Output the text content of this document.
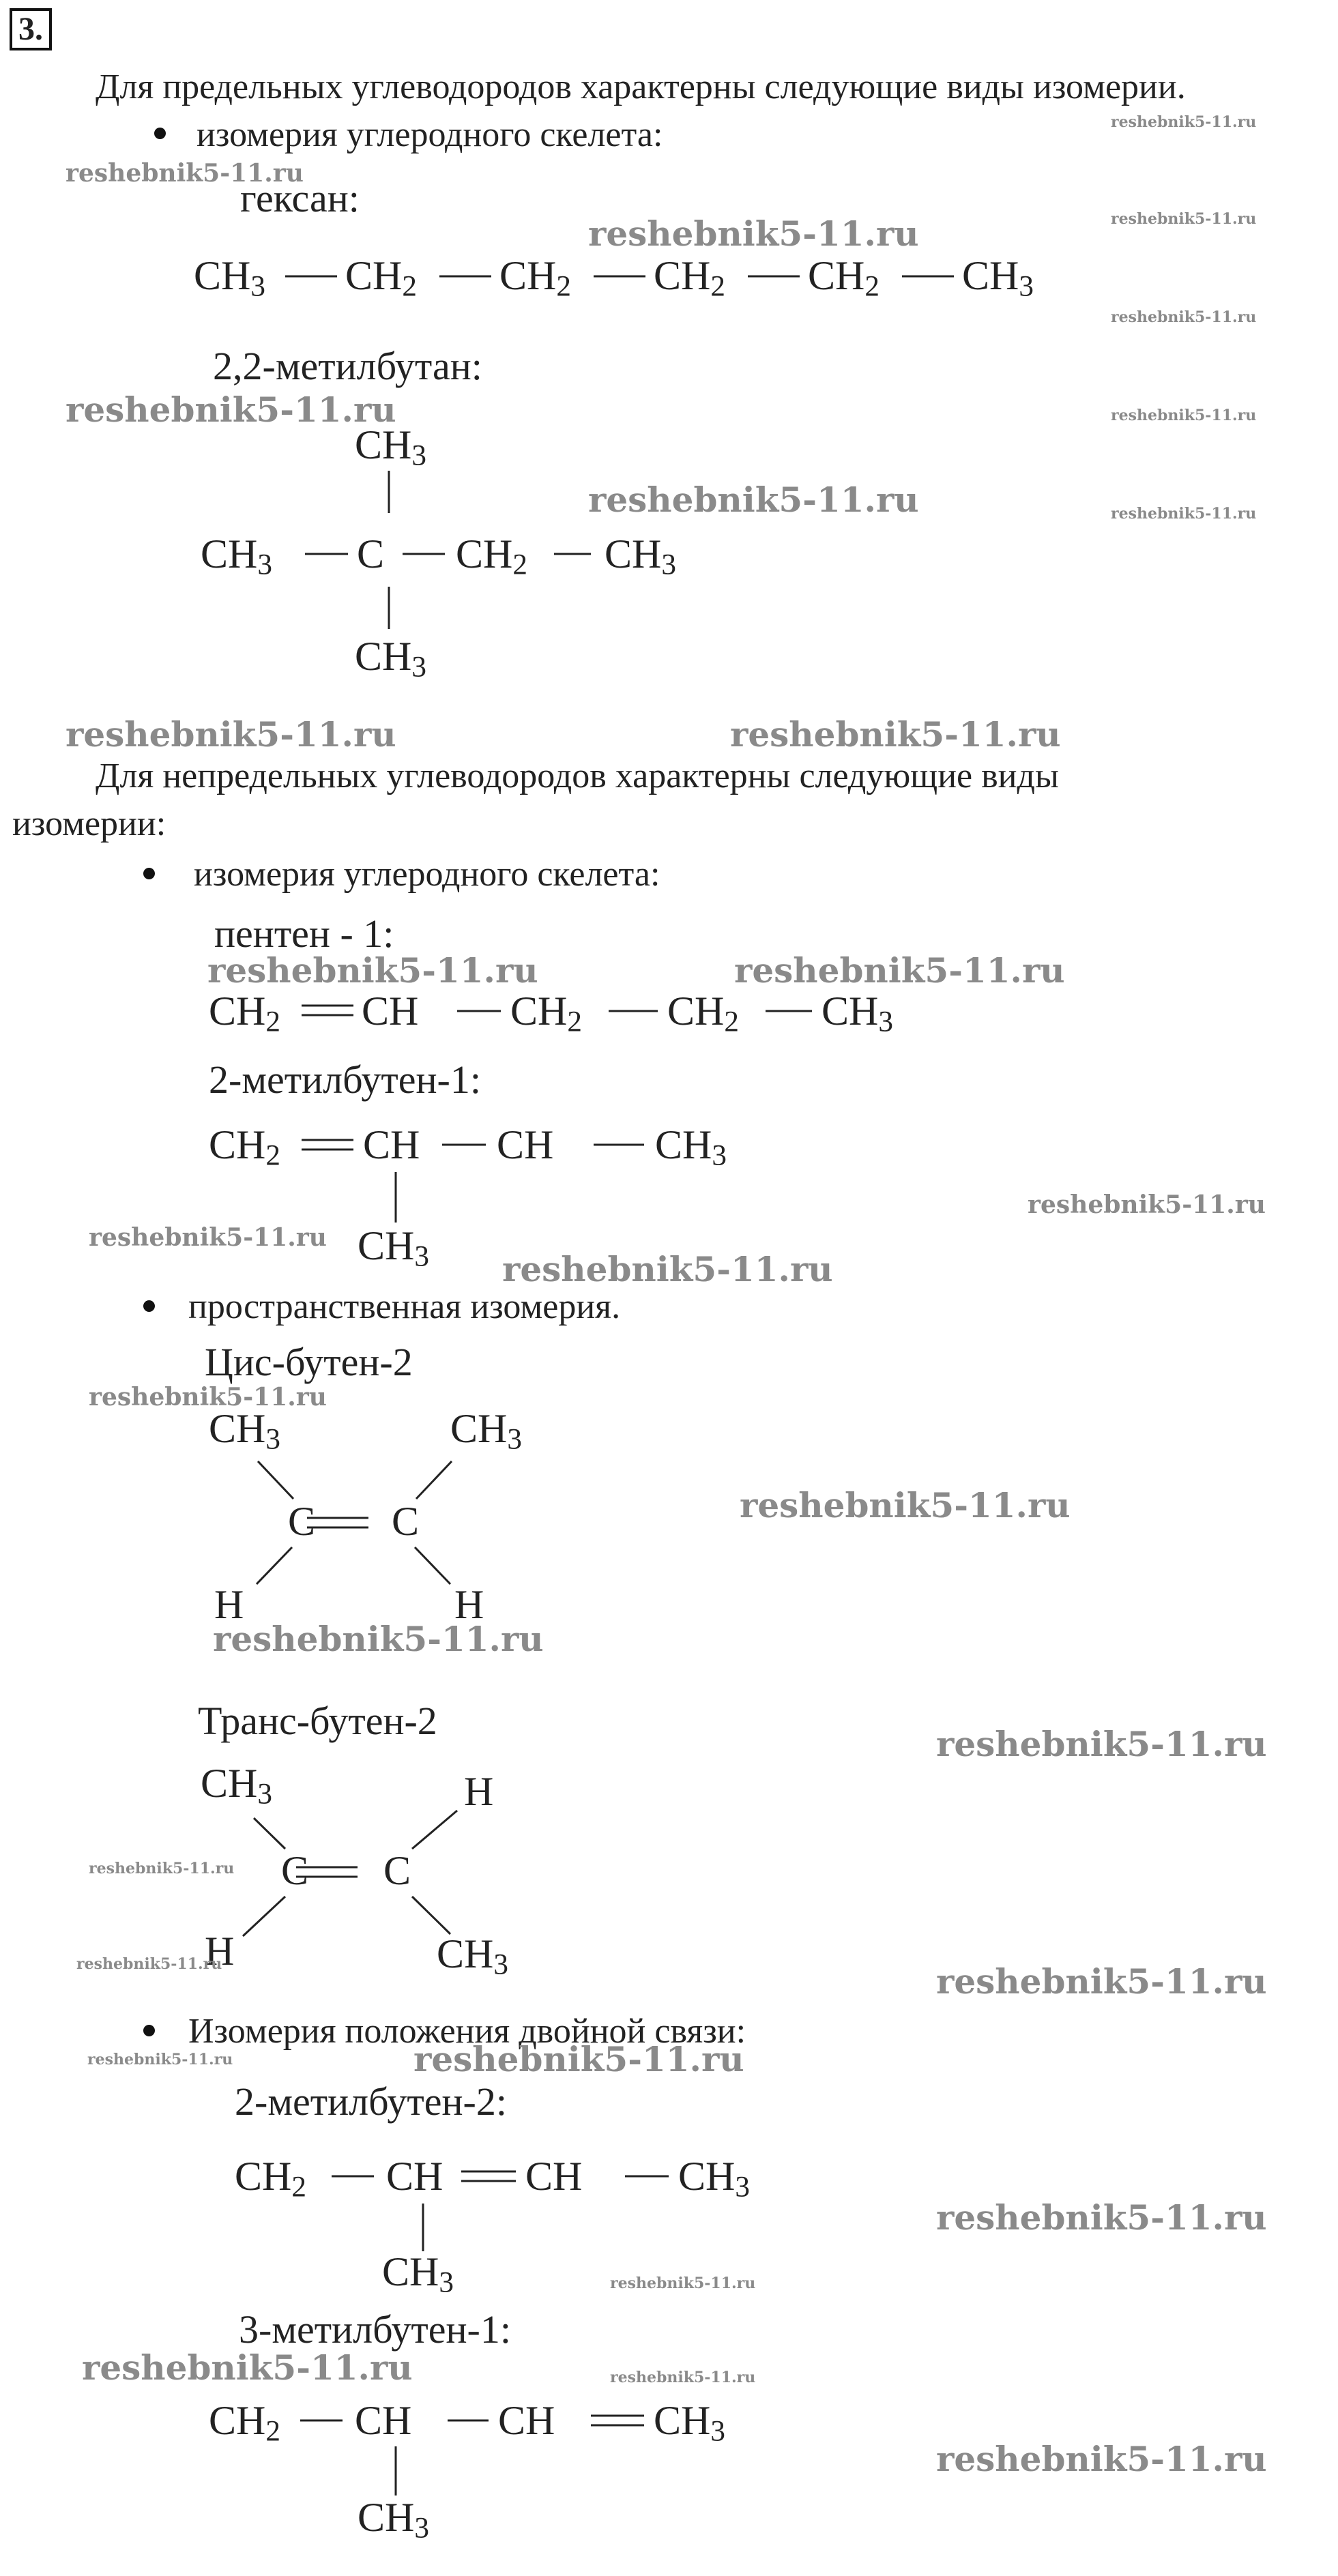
3.
Для предельных углеводородов характерны следующие виды изомерии.
изомерия углеродного скелета:
гексан:
$CH_3$ $CH_2$ $CH_2$ $CH_2$ $CH_2$ $CH_3$
2,2-метилбутан:
$CH_3$
$CH_3$ C $CH_2$ $CH_3$
$CH_3$
Для непредельных углеводородов характерны следующие виды
изомерии:
изомерия углеродного скелета:
пентен - 1:
$CH_2$ CH $CH_2$ $CH_2$ $CH_3$
2-метилбутен-1:
$CH_2$ CH CH $CH_3$
$CH_3$
пространственная изомерия.
Цис-бутен-2
$CH_3$	$CH_3$
C C
H	H
Транс-бутен-2
$CH_3$	H
C C
H	$CH_3$
Изомерия положения двойной связи:
2-метилбутен-2:
$CH_2$ CH CH $CH_3$
$CH_3$
3-метилбутен-1:
$CH_2$ CH CH $CH_3$
$CH_3$
reshebnik5-11.ru
reshebnik5-11.ru
reshebnik5-11.ru	reshebnik5-11.ru
reshebnik5-11.ru
reshebnik5-11.ru	reshebnik5-11.ru
reshebnik5-11.ru	reshebnik5-11.ru
reshebnik5-11.ru	reshebnik5-11.ru
reshebnik5-11.ru	reshebnik5-11.ru
reshebnik5-11.ru
reshebnik5-11.ru
reshebnik5-11.ru
reshebnik5-11.ru
reshebnik5-11.ru
reshebnik5-11.ru
reshebnik5-11.ru
reshebnik5-11.ru
reshebnik5-11.ru	reshebnik5-11.ru
reshebnik5-11.ru	reshebnik5-11.ru
reshebnik5-11.ru
reshebnik5-11.ru
reshebnik5-11.ru	reshebnik5-11.ru
reshebnik5-11.ru
